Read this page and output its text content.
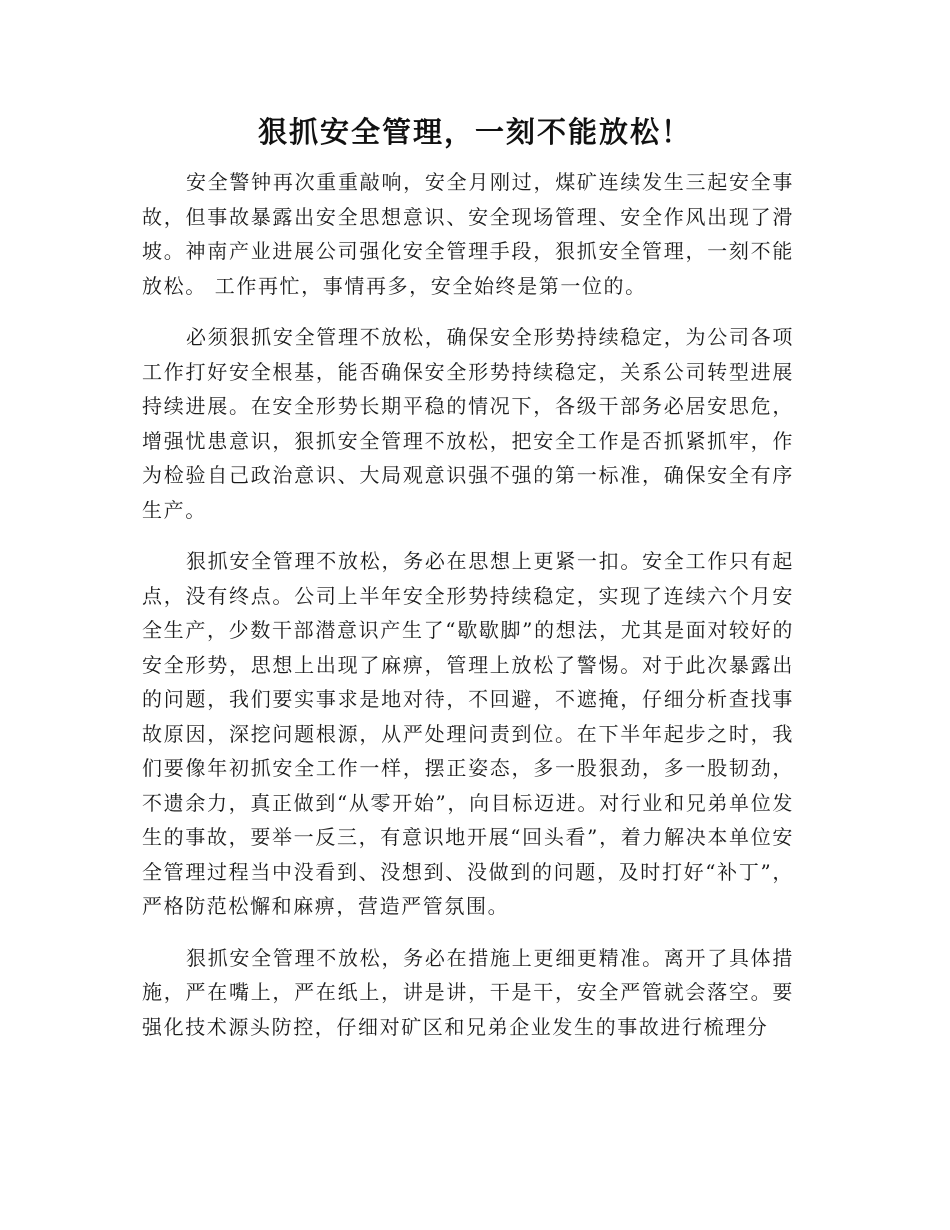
狠抓安全管理，一刻不能放松！

安全警钟再次重重敲响，安全月刚过，煤矿连续发生三起安全事故，但事故暴露出安全思想意识、安全现场管理、安全作风出现了滑坡。神南产业进展公司强化安全管理手段，狠抓安全管理，一刻不能放松。 工作再忙，事情再多，安全始终是第一位的。

必须狠抓安全管理不放松，确保安全形势持续稳定，为公司各项工作打好安全根基，能否确保安全形势持续稳定，关系公司转型进展持续进展。在安全形势长期平稳的情况下，各级干部务必居安思危，增强忧患意识，狠抓安全管理不放松，把安全工作是否抓紧抓牢，作为检验自己政治意识、大局观意识强不强的第一标准，确保安全有序生产。

狠抓安全管理不放松，务必在思想上更紧一扣。安全工作只有起点，没有终点。公司上半年安全形势持续稳定，实现了连续六个月安全生产，少数干部潜意识产生了“歇歇脚”的想法，尤其是面对较好的安全形势，思想上出现了麻痹，管理上放松了警惕。对于此次暴露出的问题，我们要实事求是地对待，不回避，不遮掩，仔细分析查找事故原因，深挖问题根源，从严处理问责到位。在下半年起步之时，我们要像年初抓安全工作一样，摆正姿态，多一股狠劲，多一股韧劲，不遗余力，真正做到“从零开始”，向目标迈进。对行业和兄弟单位发生的事故，要举一反三，有意识地开展“回头看”，着力解决本单位安全管理过程当中没看到、没想到、没做到的问题，及时打好“补丁”，严格防范松懈和麻痹，营造严管氛围。

狠抓安全管理不放松，务必在措施上更细更精准。离开了具体措施，严在嘴上，严在纸上，讲是讲，干是干，安全严管就会落空。要强化技术源头防控，仔细对矿区和兄弟企业发生的事故进行梳理分
